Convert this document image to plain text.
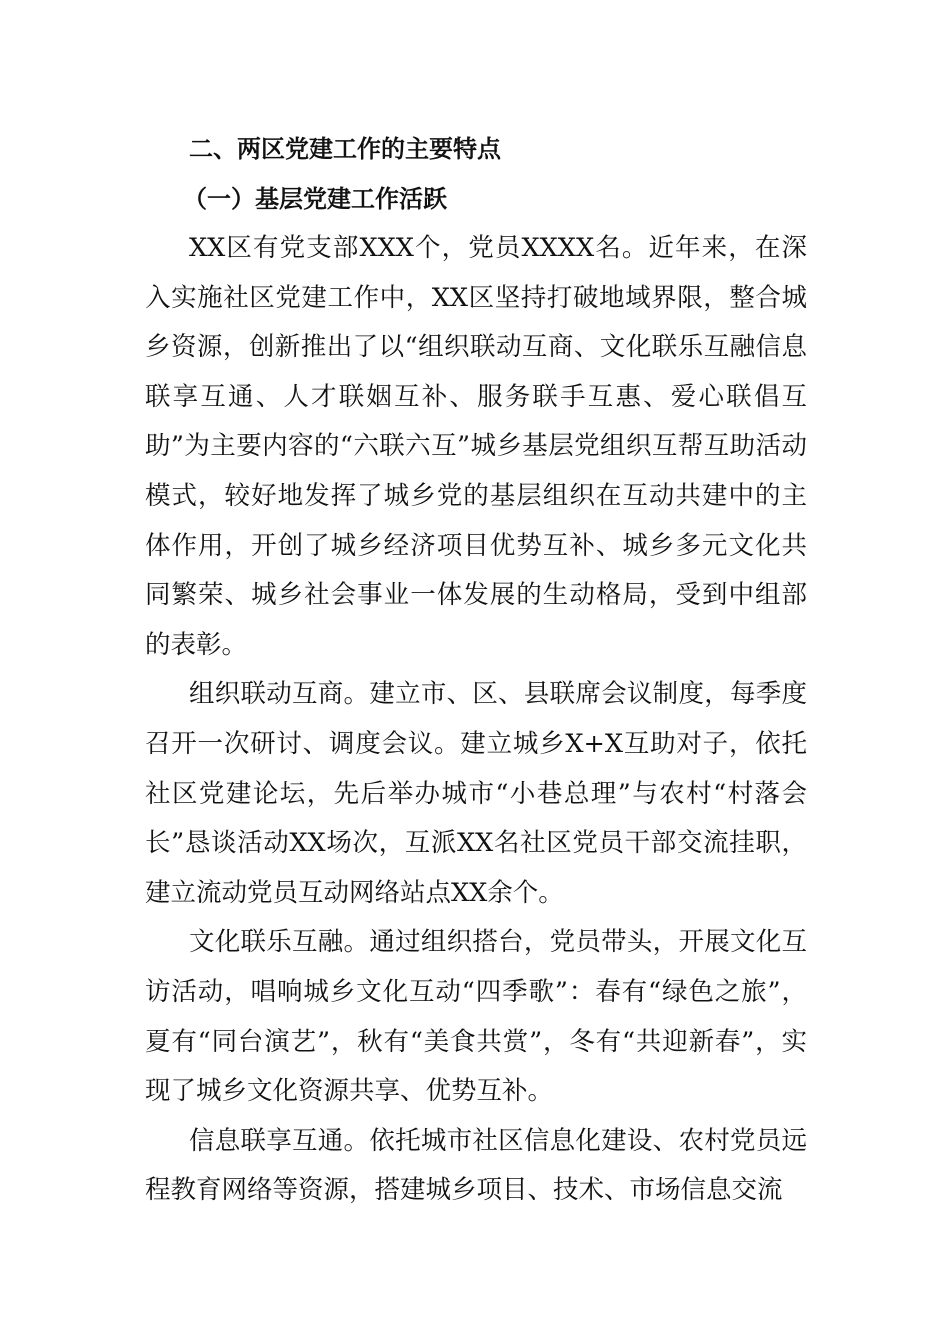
二、两区党建工作的主要特点
（一）基层党建工作活跃

XX区有党支部XXX个，党员XXXX名。近年来，在深入实施社区党建工作中，XX区坚持打破地域界限，整合城乡资源，创新推出了以“组织联动互商、文化联乐互融信息联享互通、人才联姻互补、服务联手互惠、爱心联倡互助”为主要内容的“六联六互”城乡基层党组织互帮互助活动模式，较好地发挥了城乡党的基层组织在互动共建中的主体作用，开创了城乡经济项目优势互补、城乡多元文化共同繁荣、城乡社会事业一体发展的生动格局，受到中组部的表彰。

组织联动互商。建立市、区、县联席会议制度，每季度召开一次研讨、调度会议。建立城乡X+X互助对子，依托社区党建论坛，先后举办城市“小巷总理”与农村“村落会长”恳谈活动XX场次，互派XX名社区党员干部交流挂职，建立流动党员互动网络站点XX余个。

文化联乐互融。通过组织搭台，党员带头，开展文化互访活动，唱响城乡文化互动“四季歌”：春有“绿色之旅”，夏有“同台演艺”，秋有“美食共赏”，冬有“共迎新春”，实现了城乡文化资源共享、优势互补。

信息联享互通。依托城市社区信息化建设、农村党员远程教育网络等资源，搭建城乡项目、技术、市场信息交流
